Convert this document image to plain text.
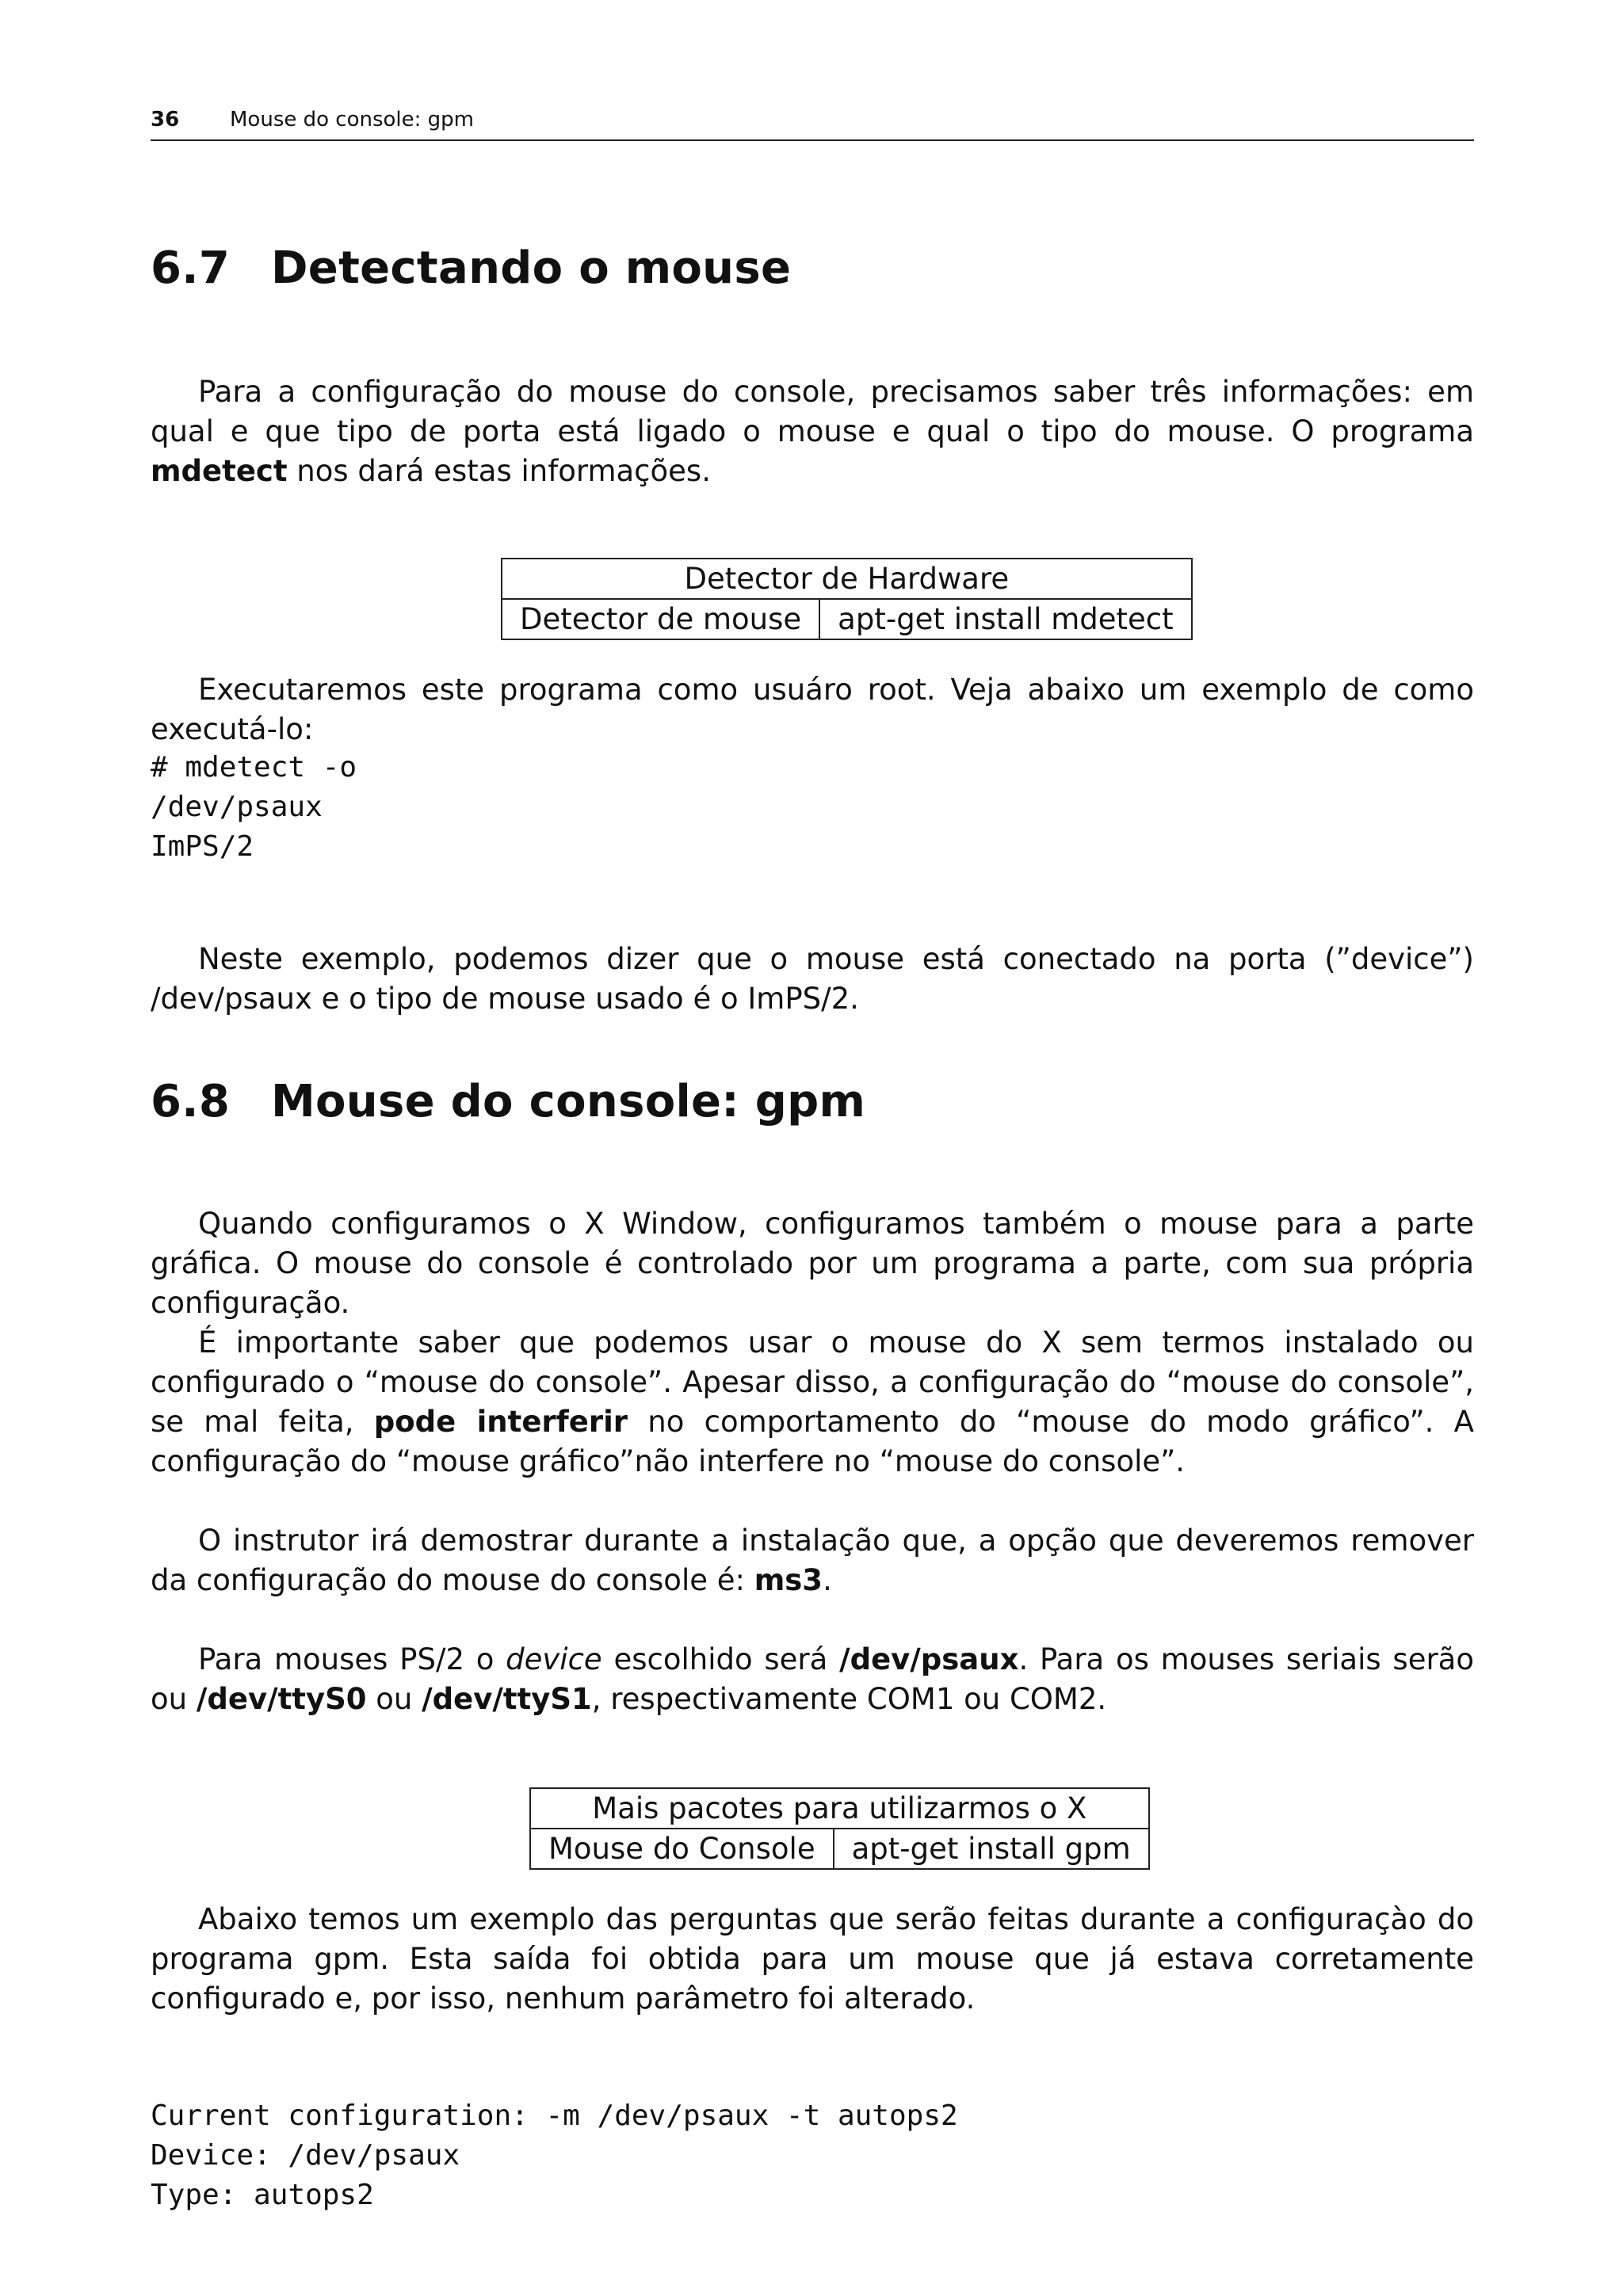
36 Mouse do console: gpm
6.7 Detectando o mouse

Para a configuração do mouse do console, precisamos saber três informações: em qual e que tipo de porta está ligado o mouse e qual o tipo do mouse. O programa mdetect nos dará estas informações.

Detector de Hardware
Detector de mouse	apt-get install mdetect

Executaremos este programa como usuáro root. Veja abaixo um exemplo de como executá-lo:

# mdetect -o
/dev/psaux
ImPS/2

Neste exemplo, podemos dizer que o mouse está conectado na porta (”device”) /dev/psaux e o tipo de mouse usado é o ImPS/2.

6.8 Mouse do console: gpm

Quando configuramos o X Window, configuramos também o mouse para a parte gráfica. O mouse do console é controlado por um programa a parte, com sua própria configuração.

É importante saber que podemos usar o mouse do X sem termos instalado ou configurado o “mouse do console”. Apesar disso, a configuração do “mouse do console”, se mal feita, pode interferir no comportamento do “mouse do modo gráfico”. A configuração do “mouse gráfico”não interfere no “mouse do console”.

O instrutor irá demostrar durante a instalação que, a opção que deveremos remover da configuração do mouse do console é: ms3.

Para mouses PS/2 o device escolhido será /dev/psaux. Para os mouses seriais serão ou /dev/ttyS0 ou /dev/ttyS1, respectivamente COM1 ou COM2.

Mais pacotes para utilizarmos o X
Mouse do Console	apt-get install gpm

Abaixo temos um exemplo das perguntas que serão feitas durante a configuraçào do programa gpm. Esta saída foi obtida para um mouse que já estava corretamente configurado e, por isso, nenhum parâmetro foi alterado.

Current configuration: -m /dev/psaux -t autops2
Device: /dev/psaux
Type: autops2
